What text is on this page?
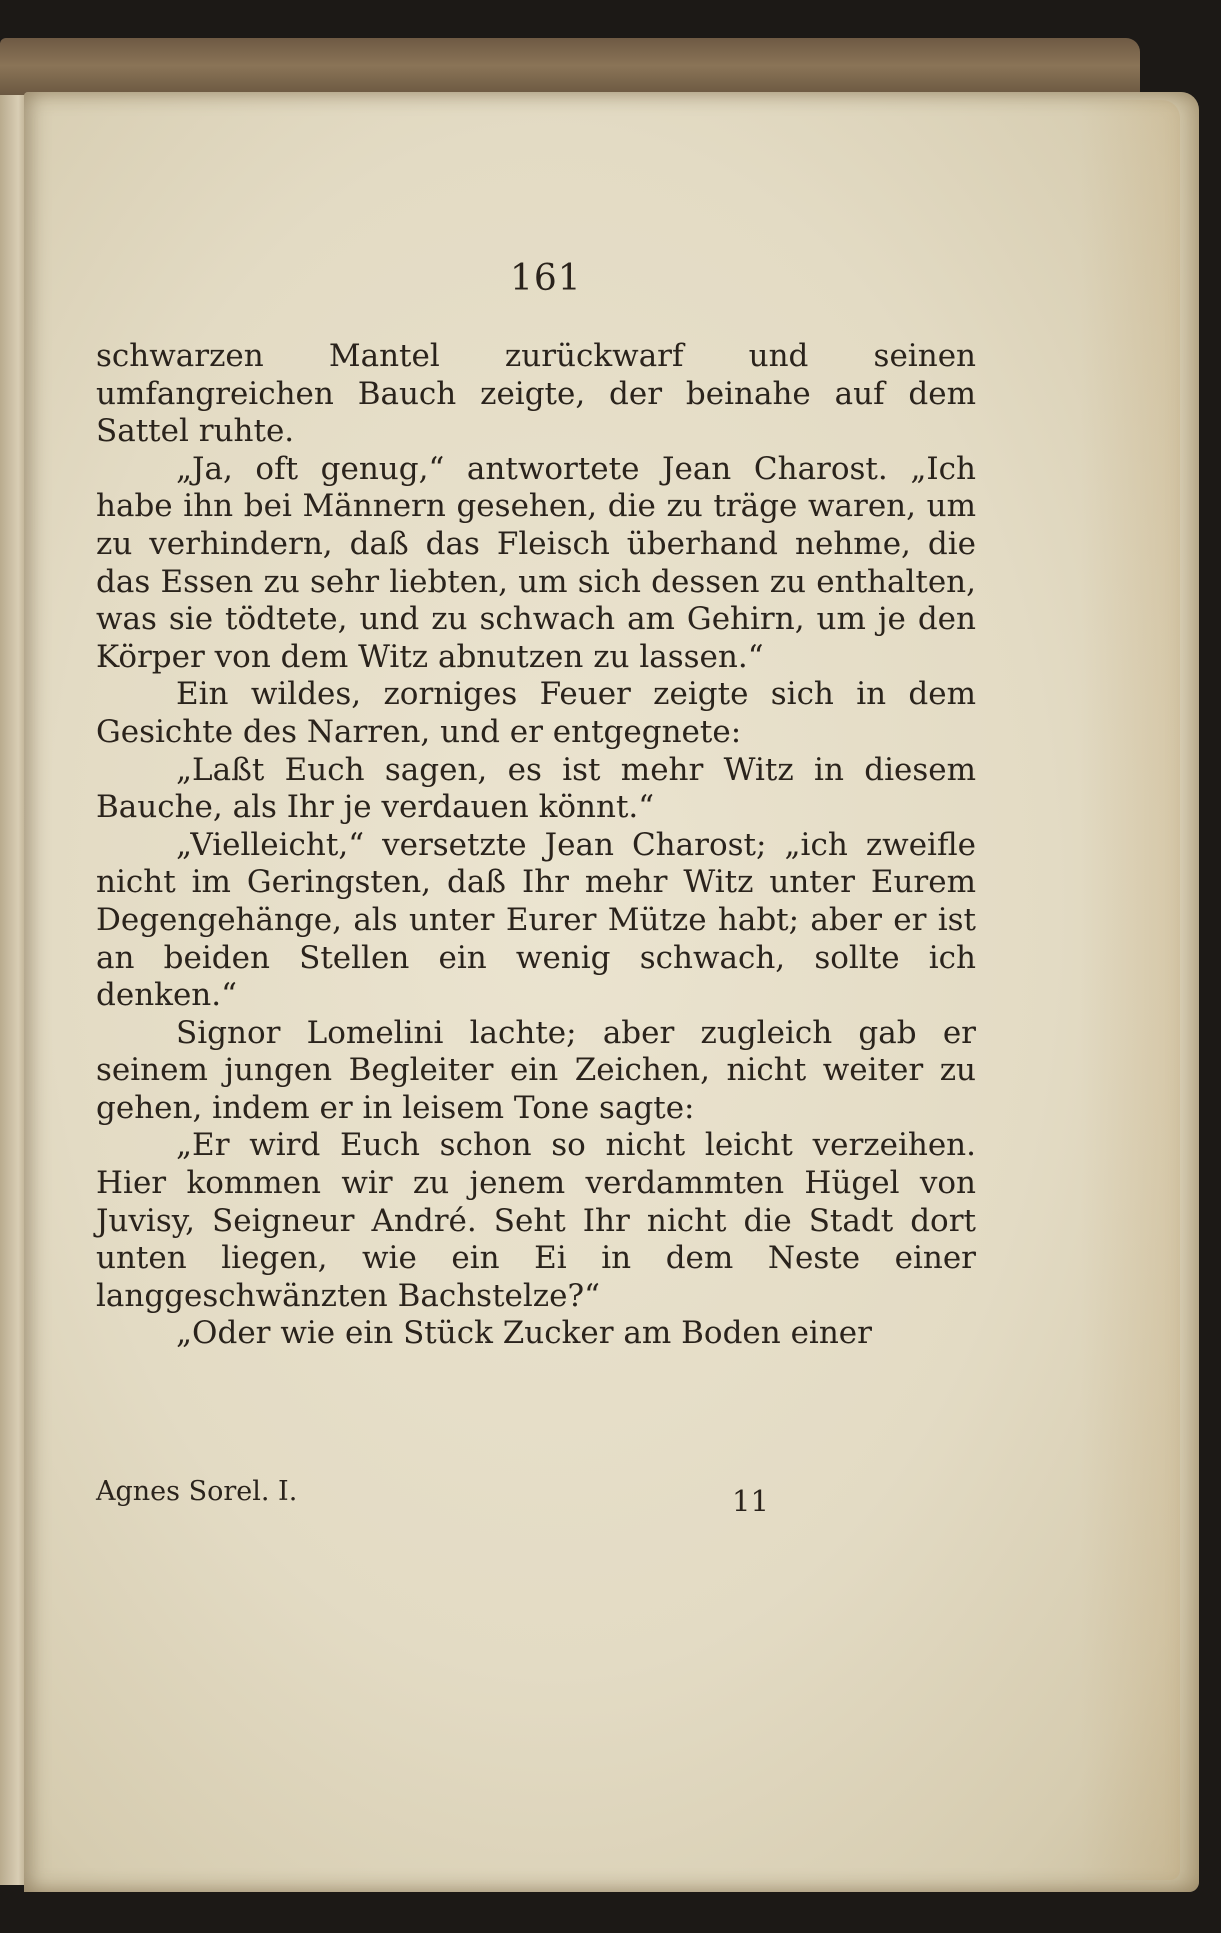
161

schwarzen Mantel zurückwarf und seinen umfangreichen Bauch zeigte, der beinahe auf dem Sattel ruhte.

„Ja, oft genug,“ antwortete Jean Charost. „Ich habe ihn bei Männern gesehen, die zu träge waren, um zu verhindern, daß das Fleisch überhand nehme, die das Essen zu sehr liebten, um sich dessen zu enthalten, was sie tödtete, und zu schwach am Gehirn, um je den Körper von dem Witz abnutzen zu lassen.“

Ein wildes, zorniges Feuer zeigte sich in dem Gesichte des Narren, und er entgegnete:

„Laßt Euch sagen, es ist mehr Witz in diesem Bauche, als Ihr je verdauen könnt.“

„Vielleicht,“ versetzte Jean Charost; „ich zweifle nicht im Geringsten, daß Ihr mehr Witz unter Eurem Degengehänge, als unter Eurer Mütze habt; aber er ist an beiden Stellen ein wenig schwach, sollte ich denken.“

Signor Lomelini lachte; aber zugleich gab er seinem jungen Begleiter ein Zeichen, nicht weiter zu gehen, indem er in leisem Tone sagte:

„Er wird Euch schon so nicht leicht verzeihen. Hier kommen wir zu jenem verdammten Hügel von Juvisy, Seigneur André. Seht Ihr nicht die Stadt dort unten liegen, wie ein Ei in dem Neste einer langgeschwänzten Bachstelze?“

„Oder wie ein Stück Zucker am Boden einer

Agnes Sorel. I.	11
